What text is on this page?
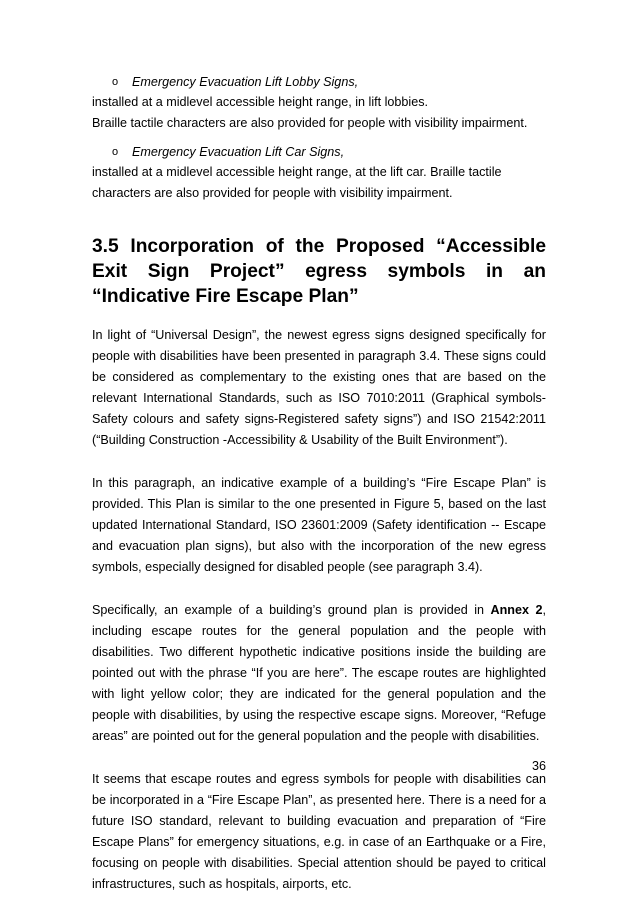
o Emergency Evacuation Lift Lobby Signs,
installed at a midlevel accessible height range, in lift lobbies.
Braille tactile characters are also provided for people with visibility impairment.
o Emergency Evacuation Lift Car Signs,
installed at a midlevel accessible height range, at the lift car. Braille tactile
characters are also provided for people with visibility impairment.
3.5 Incorporation of the Proposed “Accessible Exit Sign Project” egress symbols in an “Indicative Fire Escape Plan”

In light of “Universal Design”, the newest egress signs designed specifically for people with disabilities have been presented in paragraph 3.4. These signs could be considered as complementary to the existing ones that are based on the relevant International Standards, such as ISO 7010:2011 (Graphical symbols-Safety colours and safety signs-Registered safety signs”) and ISO 21542:2011 (“Building Construction -Accessibility & Usability of the Built Environment”).

In this paragraph, an indicative example of a building’s “Fire Escape Plan” is provided. This Plan is similar to the one presented in Figure 5, based on the last updated International Standard, ISO 23601:2009 (Safety identification -- Escape and evacuation plan signs), but also with the incorporation of the new egress symbols, especially designed for disabled people (see paragraph 3.4).

Specifically, an example of a building’s ground plan is provided in Annex 2, including escape routes for the general population and the people with disabilities. Two different hypothetic indicative positions inside the building are pointed out with the phrase “If you are here”. The escape routes are highlighted with light yellow color; they are indicated for the general population and the people with disabilities, by using the respective escape signs. Moreover, “Refuge areas” are pointed out for the general population and the people with disabilities.

It seems that escape routes and egress symbols for people with disabilities can be incorporated in a “Fire Escape Plan”, as presented here. There is a need for a future ISO standard, relevant to building evacuation and preparation of “Fire Escape Plans” for emergency situations, e.g. in case of an Earthquake or a Fire, focusing on people with disabilities. Special attention should be payed to critical infrastructures, such as hospitals, airports, etc.

36
